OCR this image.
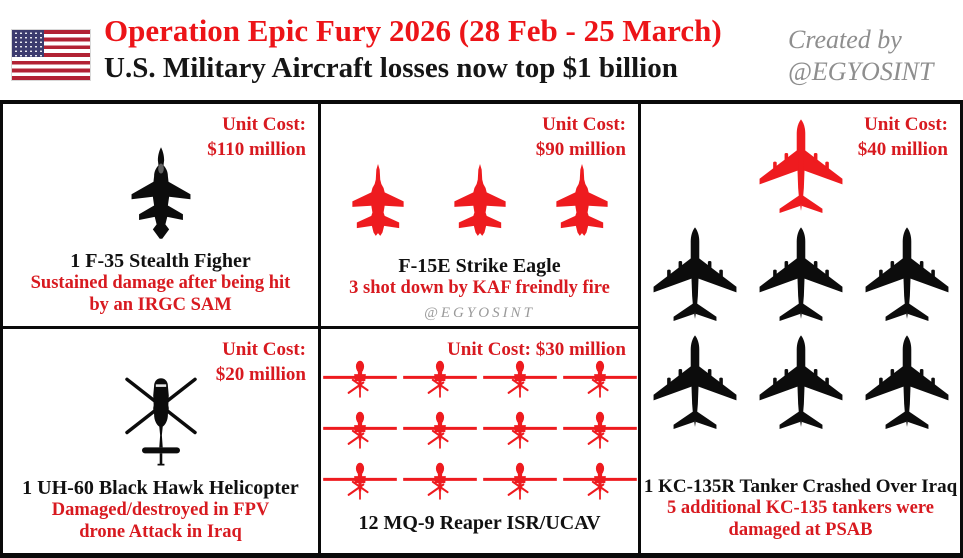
Operation Epic Fury 2026 (28 Feb - 25 March)
U.S. Military Aircraft losses now top $1 billion
Created by
@EGYOSINT
Unit Cost:
$110 million
1 F-35 Stealth Figher
Sustained damage after being hit
by an IRGC SAM
Unit Cost:
$20 million
1 UH-60 Black Hawk Helicopter
Damaged/destroyed in FPV
drone Attack in Iraq
Unit Cost:
$90 million
F-15E Strike Eagle
3 shot down by KAF freindly fire
@EGYOSINT
Unit Cost: $30 million
12 MQ-9 Reaper ISR/UCAV
Unit Cost:
$40 million
1 KC-135R Tanker Crashed Over Iraq
5 additional KC-135 tankers were
damaged at PSAB
